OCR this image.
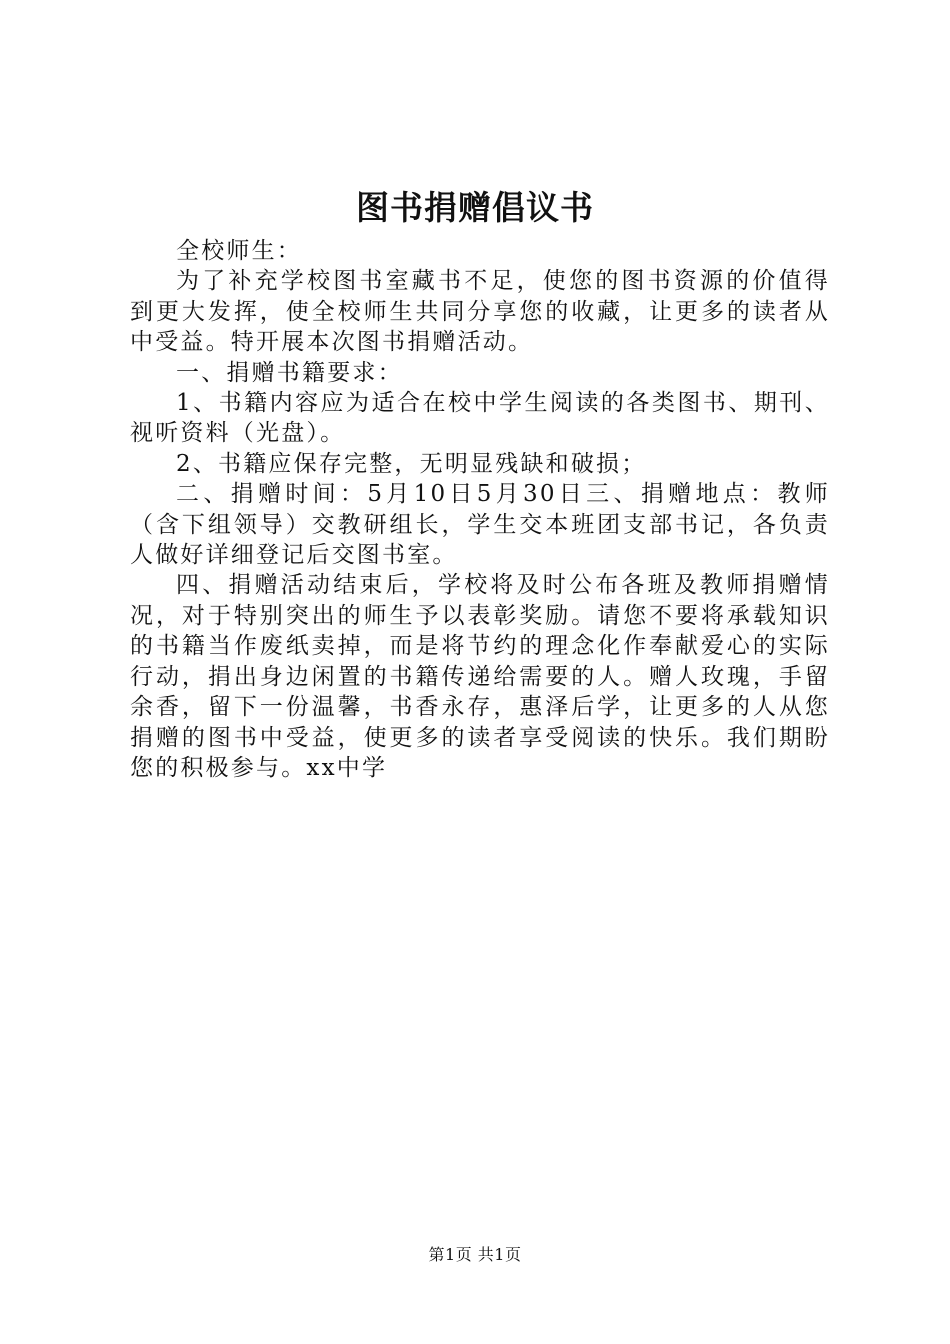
图书捐赠倡议书

全校师生：

为了补充学校图书室藏书不足，使您的图书资源的价值得到更大发挥，使全校师生共同分享您的收藏，让更多的读者从中受益。特开展本次图书捐赠活动。

一、捐赠书籍要求：

1、书籍内容应为适合在校中学生阅读的各类图书、期刊、视听资料（光盘）。

2、书籍应保存完整，无明显残缺和破损；

二、捐赠时间：5月10日5月30日三、捐赠地点：教师（含下组领导）交教研组长，学生交本班团支部书记，各负责人做好详细登记后交图书室。

四、捐赠活动结束后，学校将及时公布各班及教师捐赠情况，对于特别突出的师生予以表彰奖励。请您不要将承载知识的书籍当作废纸卖掉，而是将节约的理念化作奉献爱心的实际行动，捐出身边闲置的书籍传递给需要的人。赠人玫瑰，手留余香，留下一份温馨，书香永存，惠泽后学，让更多的人从您捐赠的图书中受益，使更多的读者享受阅读的快乐。我们期盼您的积极参与。xx中学

第1页 共1页
